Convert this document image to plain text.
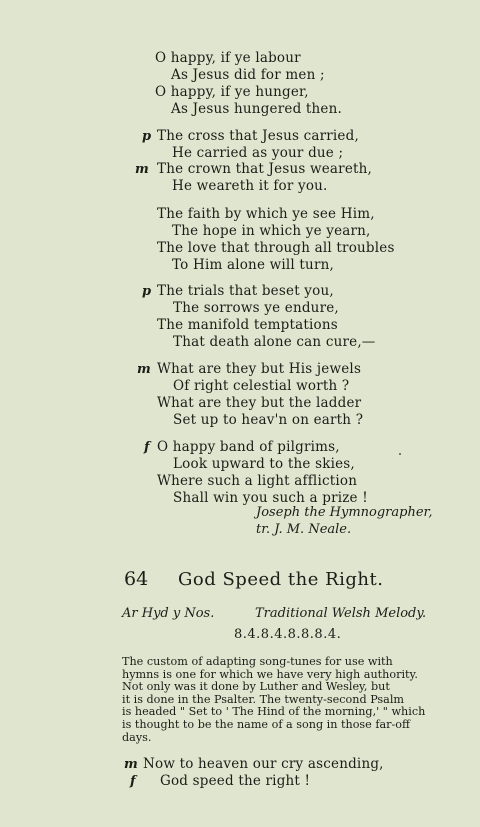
O happy, if ye labour
As Jesus did for men ;
O happy, if ye hunger,
As Jesus hungered then.
p The cross that Jesus carried,
He carried as your due ;
m The crown that Jesus weareth,
He weareth it for you.
The faith by which ye see Him,
The hope in which ye yearn,
The love that through all troubles
To Him alone will turn,
p The trials that beset you,
The sorrows ye endure,
The manifold temptations
That death alone can cure,—
m What are they but His jewels
Of right celestial worth ?
What are they but the ladder
Set up to heav'n on earth ?
f O happy band of pilgrims,
Look upward to the skies,
Where such a light affliction
Shall win you such a prize !
Joseph the Hymnographer,
tr. J. M. Neale.
64 God Speed the Right.
Ar Hyd y Nos.	Traditional Welsh Melody.
8.4.8.4.8.8.8.4.
The custom of adapting song-tunes for use with
hymns is one for which we have very high authority.
Not only was it done by Luther and Wesley, but
it is done in the Psalter. The twenty-second Psalm
is headed " Set to ' The Hind of the morning,' " which
is thought to be the name of a song in those far-off
days.
m Now to heaven our cry ascending,
f God speed the right !
